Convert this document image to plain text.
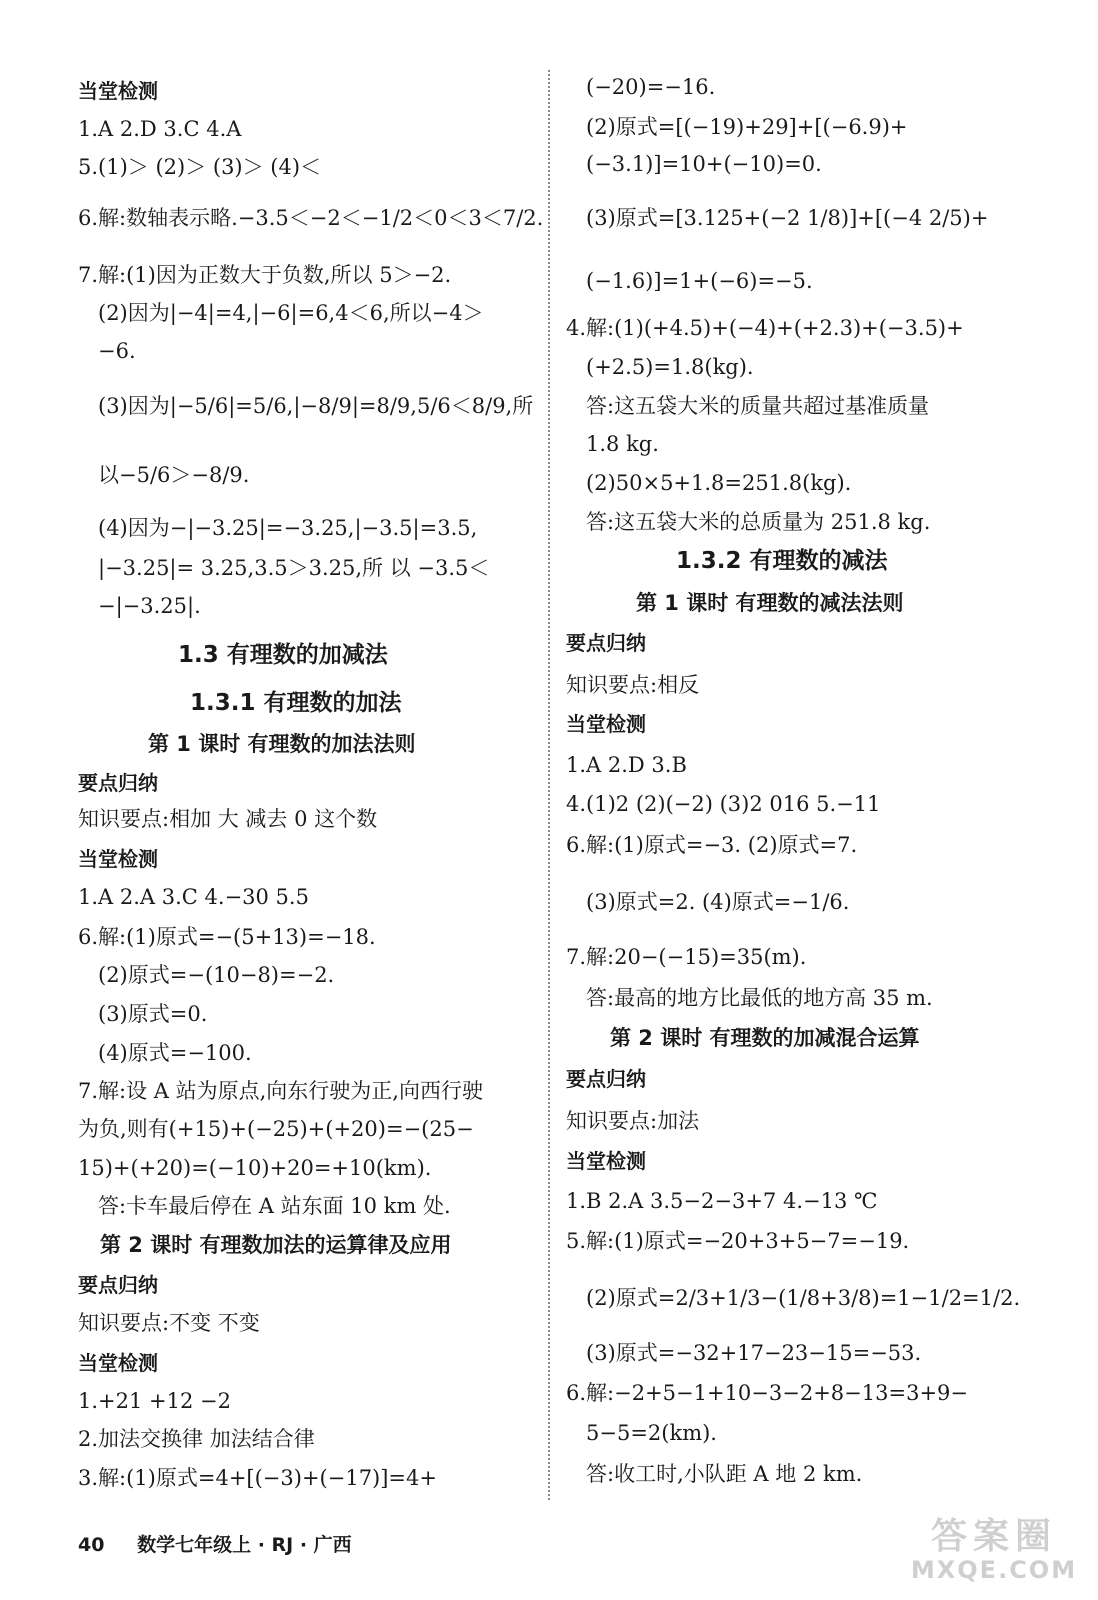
当堂检测
1.A 2.D 3.C 4.A
5.(1)＞ (2)＞ (3)＞ (4)＜
6.解:数轴表示略.−3.5＜−2＜−1/2＜0＜3＜7/2.
7.解:(1)因为正数大于负数,所以 5＞−2.
(2)因为|−4|=4,|−6|=6,4＜6,所以−4＞
−6.
(3)因为|−5/6|=5/6,|−8/9|=8/9,5/6＜8/9,所
以−5/6＞−8/9.
(4)因为−|−3.25|=−3.25,|−3.5|=3.5,
|−3.25|= 3.25,3.5＞3.25,所 以 −3.5＜
−|−3.25|.
1.3 有理数的加减法
1.3.1 有理数的加法
第 1 课时 有理数的加法法则
要点归纳
知识要点:相加 大 减去 0 这个数
当堂检测
1.A 2.A 3.C 4.−30 5.5
6.解:(1)原式=−(5+13)=−18.
(2)原式=−(10−8)=−2.
(3)原式=0.
(4)原式=−100.
7.解:设 A 站为原点,向东行驶为正,向西行驶
为负,则有(+15)+(−25)+(+20)=−(25−
15)+(+20)=(−10)+20=+10(km).
答:卡车最后停在 A 站东面 10 km 处.
第 2 课时 有理数加法的运算律及应用
要点归纳
知识要点:不变 不变
当堂检测
1.+21 +12 −2
2.加法交换律 加法结合律
3.解:(1)原式=4+[(−3)+(−17)]=4+
(−20)=−16.
(2)原式=[(−19)+29]+[(−6.9)+
(−3.1)]=10+(−10)=0.
(3)原式=[3.125+(−2 1/8)]+[(−4 2/5)+
(−1.6)]=1+(−6)=−5.
4.解:(1)(+4.5)+(−4)+(+2.3)+(−3.5)+
(+2.5)=1.8(kg).
答:这五袋大米的质量共超过基准质量
1.8 kg.
(2)50×5+1.8=251.8(kg).
答:这五袋大米的总质量为 251.8 kg.
1.3.2 有理数的减法
第 1 课时 有理数的减法法则
要点归纳
知识要点:相反
当堂检测
1.A 2.D 3.B
4.(1)2 (2)(−2) (3)2 016 5.−11
6.解:(1)原式=−3. (2)原式=7.
(3)原式=2. (4)原式=−1/6.
7.解:20−(−15)=35(m).
答:最高的地方比最低的地方高 35 m.
第 2 课时 有理数的加减混合运算
要点归纳
知识要点:加法
当堂检测
1.B 2.A 3.5−2−3+7 4.−13 ℃
5.解:(1)原式=−20+3+5−7=−19.
(2)原式=2/3+1/3−(1/8+3/8)=1−1/2=1/2.
(3)原式=−32+17−23−15=−53.
6.解:−2+5−1+10−3−2+8−13=3+9−
5−5=2(km).
答:收工时,小队距 A 地 2 km.
40 数学七年级上 · RJ · 广西	答案圈
MXQE.COM
